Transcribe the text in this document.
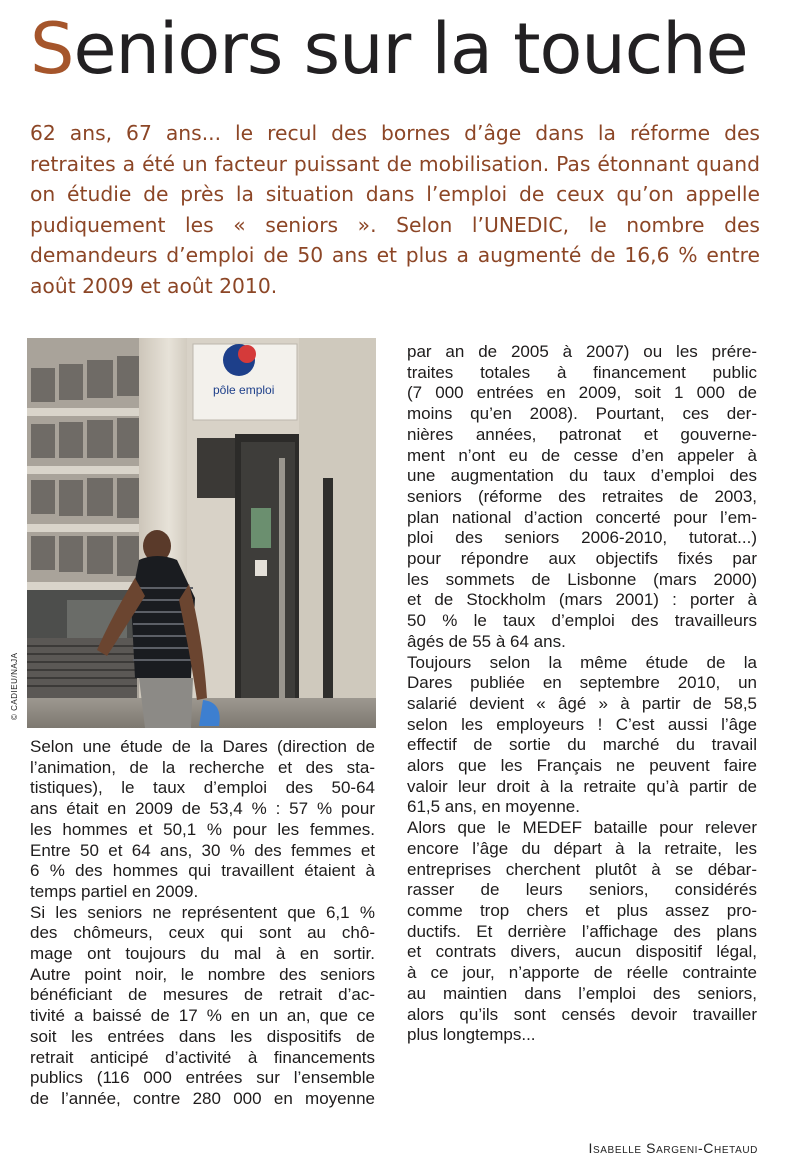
Seniors sur la touche

62 ans, 67 ans... le recul des bornes d’âge dans la réforme des
retraites a été un facteur puissant de mobilisation. Pas étonnant quand
on étudie de près la situation dans l’emploi de ceux qu’on appelle
pudiquement les « seniors ». Selon l’UNEDIC, le nombre des
demandeurs d’emploi de 50 ans et plus a augmenté de 16,6 % entre
août 2009 et août 2010.

pôle emploi
© CADIEU/NAJA
Selon une étude de la Dares (direction de
l’animation, de la recherche et des sta-
tistiques), le taux d’emploi des 50-64
ans était en 2009 de 53,4 % : 57 % pour
les hommes et 50,1 % pour les femmes.
Entre 50 et 64 ans, 30 % des femmes et
6 % des hommes qui travaillent étaient à
temps partiel en 2009.
Si les seniors ne représentent que 6,1 %
des chômeurs, ceux qui sont au chô-
mage ont toujours du mal à en sortir.
Autre point noir, le nombre des seniors
bénéficiant de mesures de retrait d’ac-
tivité a baissé de 17 % en un an, que ce
soit les entrées dans les dispositifs de
retrait anticipé d’activité à financements
publics (116 000 entrées sur l’ensemble
de l’année, contre 280 000 en moyenne
par an de 2005 à 2007) ou les prére-
traites totales à financement public
(7 000 entrées en 2009, soit 1 000 de
moins qu’en 2008). Pourtant, ces der-
nières années, patronat et gouverne-
ment n’ont eu de cesse d’en appeler à
une augmentation du taux d’emploi des
seniors (réforme des retraites de 2003,
plan national d’action concerté pour l’em-
ploi des seniors 2006-2010, tutorat...)
pour répondre aux objectifs fixés par
les sommets de Lisbonne (mars 2000)
et de Stockholm (mars 2001) : porter à
50 % le taux d’emploi des travailleurs
âgés de 55 à 64 ans.
Toujours selon la même étude de la
Dares publiée en septembre 2010, un
salarié devient « âgé » à partir de 58,5
selon les employeurs ! C’est aussi l’âge
effectif de sortie du marché du travail
alors que les Français ne peuvent faire
valoir leur droit à la retraite qu’à partir de
61,5 ans, en moyenne.
Alors que le MEDEF bataille pour relever
encore l’âge du départ à la retraite, les
entreprises cherchent plutôt à se débar-
rasser de leurs seniors, considérés
comme trop chers et plus assez pro-
ductifs. Et derrière l’affichage des plans
et contrats divers, aucun dispositif légal,
à ce jour, n’apporte de réelle contrainte
au maintien dans l’emploi des seniors,
alors qu’ils sont censés devoir travailler
plus longtemps...
Isabelle Sargeni-Chetaud
